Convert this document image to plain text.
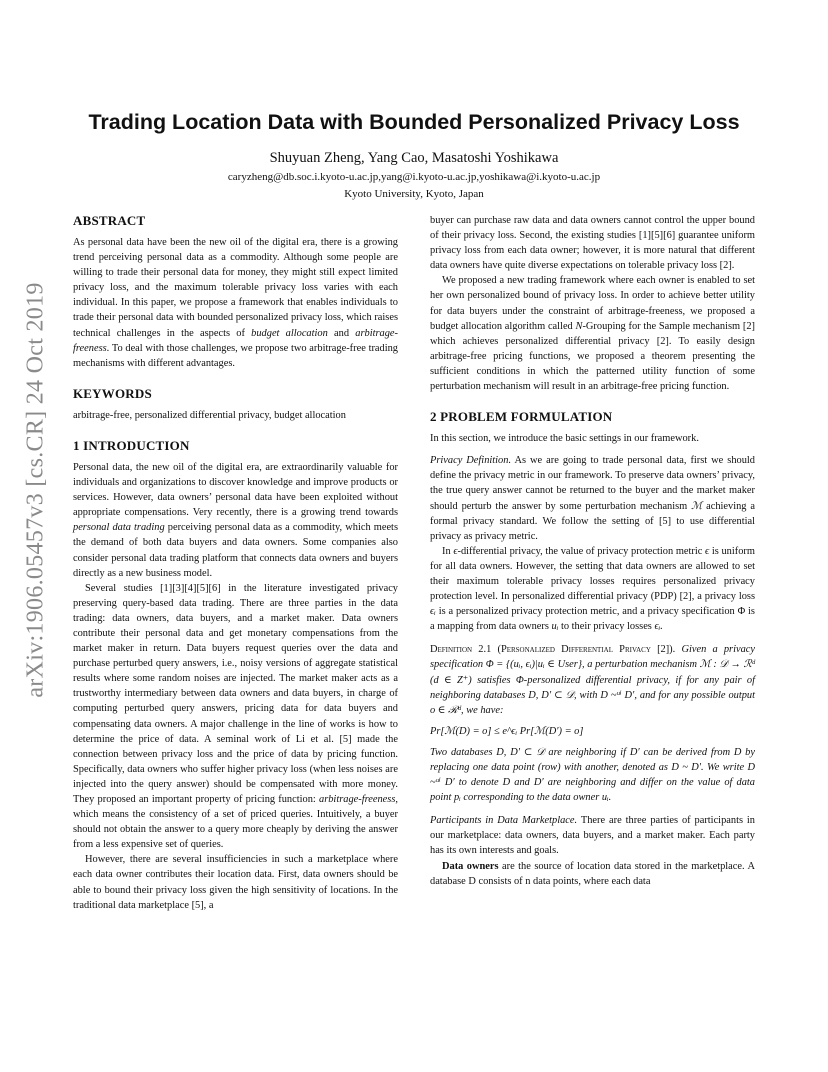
arXiv:1906.05457v3 [cs.CR] 24 Oct 2019
Trading Location Data with Bounded Personalized Privacy Loss
Shuyuan Zheng, Yang Cao, Masatoshi Yoshikawa
caryzheng@db.soc.i.kyoto-u.ac.jp,yang@i.kyoto-u.ac.jp,yoshikawa@i.kyoto-u.ac.jp
Kyoto University, Kyoto, Japan
ABSTRACT

As personal data have been the new oil of the digital era, there is a growing trend perceiving personal data as a commodity. Although some people are willing to trade their personal data for money, they might still expect limited privacy loss, and the maximum tolerable privacy loss varies with each individual. In this paper, we propose a framework that enables individuals to trade their personal data with bounded personalized privacy loss, which raises technical challenges in the aspects of budget allocation and arbitrage-freeness. To deal with those challenges, we propose two arbitrage-free trading mechanisms with different advantages.

KEYWORDS

arbitrage-free, personalized differential privacy, budget allocation

1 INTRODUCTION

Personal data, the new oil of the digital era, are extraordinarily valuable for individuals and organizations to discover knowledge and improve products or services. However, data owners’ personal data have been exploited without appropriate compensations. Very recently, there is a growing trend towards personal data trading perceiving personal data as a commodity, which meets the demand of both data buyers and data owners. Some companies also consider personal data trading platform that connects data owners and buyers directly as a new business model.

Several studies [1][3][4][5][6] in the literature investigated privacy preserving query-based data trading. There are three parties in the data trading: data owners, data buyers, and a market maker. Data owners contribute their personal data and get monetary compensations from the market maker in return. Data buyers request queries over the data and purchase perturbed query answers, i.e., noisy versions of aggregate statistical results where some random noises are injected. The market maker acts as a trustworthy intermediary between data owners and data buyers, in charge of computing perturbed query answers, pricing data for data buyers and compensating data owners. A major challenge in the line of works is how to determine the price of data. A seminal work of Li et al. [5] made the connection between privacy loss and the price of data by pricing function. Specifically, data owners who suffer higher privacy loss (when less noises are injected into the query answer) should be compensated with more money. They proposed an important property of pricing function: arbitrage-freeness, which means the consistency of a set of priced queries. Intuitively, a buyer should not obtain the answer to a query more cheaply by deriving the answer from a less expensive set of queries.

However, there are several insufficiencies in such a marketplace where each data owner contributes their location data. First, data owners should be able to bound their privacy loss given the high sensitivity of locations. In the traditional data marketplace [5], a

buyer can purchase raw data and data owners cannot control the upper bound of their privacy loss. Second, the existing studies [1][5][6] guarantee uniform privacy loss from each data owner; however, it is more natural that different data owners have quite diverse expectations on tolerable privacy loss [2].

We proposed a new trading framework where each owner is enabled to set her own personalized bound of privacy loss. In order to achieve better utility for data buyers under the constraint of arbitrage-freeness, we proposed a budget allocation algorithm called N-Grouping for the Sample mechanism [2] which achieves personalized differential privacy [2]. To easily design arbitrage-free pricing functions, we proposed a theorem presenting the sufficient conditions in which the patterned utility function of some perturbation mechanism will result in an arbitrage-free pricing function.

2 PROBLEM FORMULATION

In this section, we introduce the basic settings in our framework.

Privacy Definition. As we are going to trade personal data, first we should define the privacy metric in our framework. To preserve data owners’ privacy, the true query answer cannot be returned to the buyer and the market maker should perturb the answer by some perturbation mechanism ℳ achieving a formal privacy standard. We follow the setting of [5] to use differential privacy as privacy metric.

In ϵ-differential privacy, the value of privacy protection metric ϵ is uniform for all data owners. However, the setting that data owners are allowed to set their maximum tolerable privacy losses requires personalized privacy protection level. In personalized differential privacy (PDP) [2], a privacy loss ϵᵢ is a personalized privacy protection metric, and a privacy specification Φ is a mapping from data owners uᵢ to their privacy losses ϵᵢ.

Definition 2.1 (Personalized Differential Privacy [2]). Given a privacy specification Φ = {(uᵢ, ϵᵢ)|uᵢ ∈ User}, a perturbation mechanism ℳ : 𝒟 → ℛᵈ (d ∈ Z⁺) satisfies Φ-personalized differential privacy, if for any pair of neighboring databases D, D′ ⊂ 𝒟, with D ~ᵘⁱ D′, and for any possible output o ∈ ℛᵈ, we have:

Pr[ℳ(D) = o] ≤ e^ϵᵢ Pr[ℳ(D′) = o]

Two databases D, D′ ⊂ 𝒟 are neighboring if D′ can be derived from D by replacing one data point (row) with another, denoted as D ~ D′. We write D ~ᵘⁱ D′ to denote D and D′ are neighboring and differ on the value of data point pᵢ corresponding to the data owner uᵢ.

Participants in Data Marketplace. There are three parties of participants in our marketplace: data owners, data buyers, and a market maker. Each party has its own interests and goals.

Data owners are the source of location data stored in the marketplace. A database D consists of n data points, where each data
